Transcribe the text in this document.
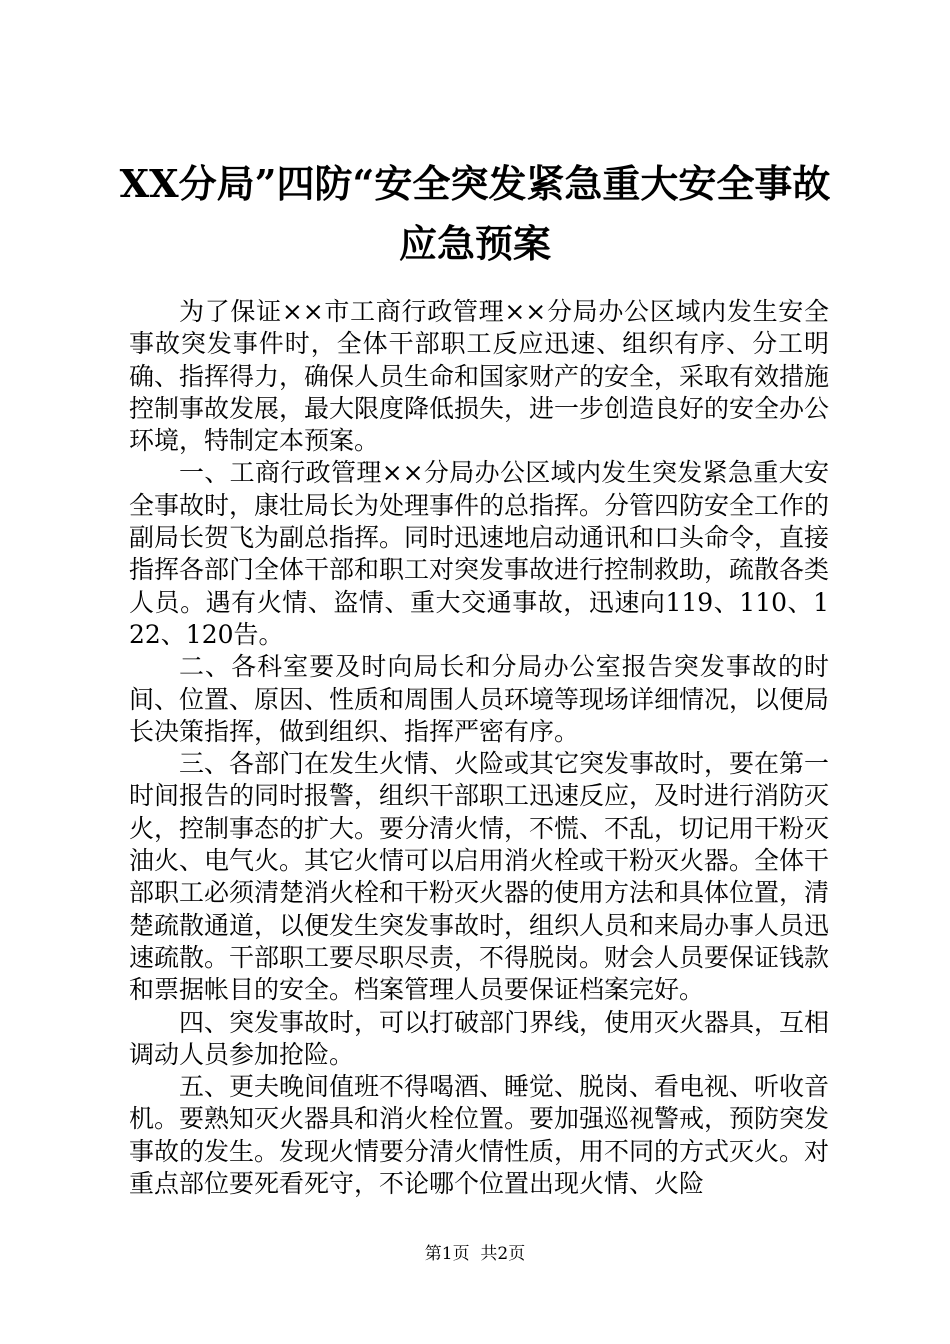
XX分局”四防“安全突发紧急重大安全事故
应急预案

为了保证××市工商行政管理××分局办公区域内发生安全事故突发事件时，全体干部职工反应迅速、组织有序、分工明确、指挥得力，确保人员生命和国家财产的安全，采取有效措施控制事故发展，最大限度降低损失，进一步创造良好的安全办公环境，特制定本预案。

一、工商行政管理××分局办公区域内发生突发紧急重大安全事故时，康壮局长为处理事件的总指挥。分管四防安全工作的副局长贺飞为副总指挥。同时迅速地启动通讯和口头命令，直接指挥各部门全体干部和职工对突发事故进行控制救助，疏散各类人员。遇有火情、盗情、重大交通事故，迅速向119、110、122、120告。

二、各科室要及时向局长和分局办公室报告突发事故的时间、位置、原因、性质和周围人员环境等现场详细情况，以便局长决策指挥，做到组织、指挥严密有序。

三、各部门在发生火情、火险或其它突发事故时，要在第一时间报告的同时报警，组织干部职工迅速反应，及时进行消防灭火，控制事态的扩大。要分清火情，不慌、不乱，切记用干粉灭油火、电气火。其它火情可以启用消火栓或干粉灭火器。全体干部职工必须清楚消火栓和干粉灭火器的使用方法和具体位置，清楚疏散通道，以便发生突发事故时，组织人员和来局办事人员迅速疏散。干部职工要尽职尽责，不得脱岗。财会人员要保证钱款和票据帐目的安全。档案管理人员要保证档案完好。

四、突发事故时，可以打破部门界线，使用灭火器具，互相调动人员参加抢险。

五、更夫晚间值班不得喝酒、睡觉、脱岗、看电视、听收音机。要熟知灭火器具和消火栓位置。要加强巡视警戒，预防突发事故的发生。发现火情要分清火情性质，用不同的方式灭火。对重点部位要死看死守，不论哪个位置出现火情、火险

第1页 共2页
